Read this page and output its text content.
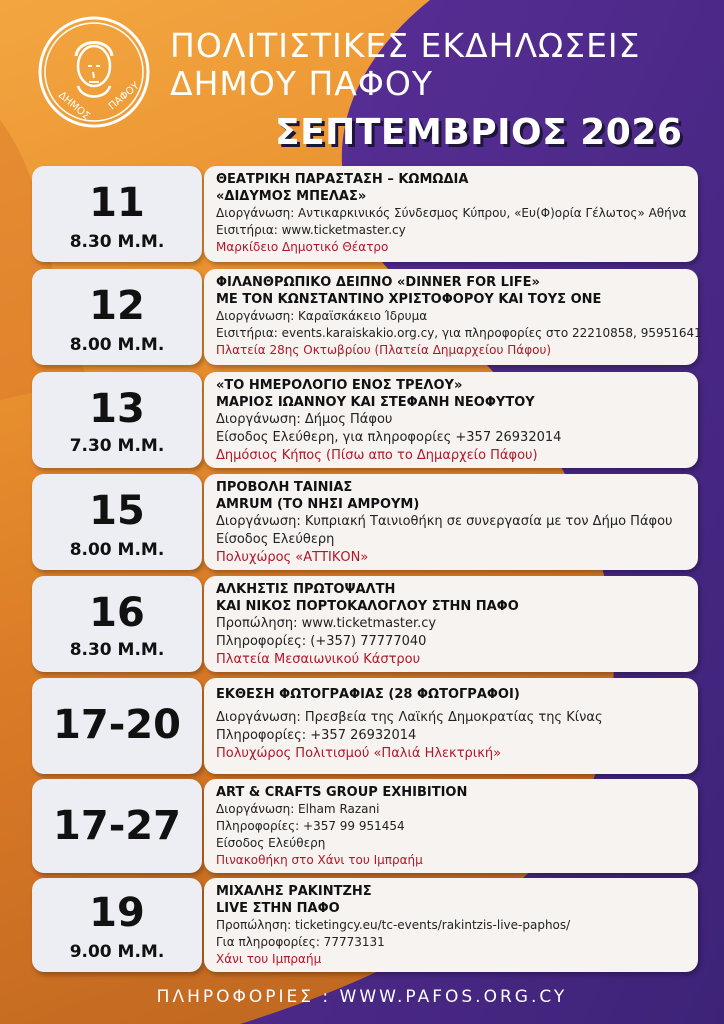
ΔΗΜΟΣ ΠΑΦΟΥ
ΠΟΛΙΤΙΣΤΙΚΕΣ ΕΚΔΗΛΩΣΕΙΣ
ΔΗΜΟΥ ΠΑΦΟΥ
ΣΕΠΤΕΜΒΡΙΟΣ 2026
11
8.30 Μ.Μ.
ΘΕΑΤΡΙΚΗ ΠΑΡΑΣΤΑΣΗ – ΚΩΜΩΔΙΑ
«ΔΙΔΥΜΟΣ ΜΠΕΛΑΣ»
Διοργάνωση: Αντικαρκινικός Σύνδεσμος Κύπρου, «Ευ(Φ)ορία Γέλωτος» Αθήνα
Εισιτήρια: www.ticketmaster.cy
Μαρκίδειο Δημοτικό Θέατρο
12
8.00 Μ.Μ.
ΦΙΛΑΝΘΡΩΠΙΚΟ ΔΕΙΠΝΟ «DINNER FOR LIFE»
ΜΕ ΤΟΝ ΚΩΝΣΤΑΝΤΙΝΟ ΧΡΙΣΤΟΦΟΡΟΥ ΚΑΙ ΤΟΥΣ ONE
Διοργάνωση: Καραϊσκάκειο Ίδρυμα
Εισιτήρια: events.karaiskakio.org.cy, για πληροφορίες στο 22210858, 95951641
Πλατεία 28ης Οκτωβρίου (Πλατεία Δημαρχείου Πάφου)
13
7.30 Μ.Μ.
«ΤΟ ΗΜΕΡΟΛΟΓΙΟ ΕΝΟΣ ΤΡΕΛΟΥ»
ΜΑΡΙΟΣ ΙΩΑΝΝΟΥ ΚΑΙ ΣΤΕΦΑΝΗ ΝΕΟΦΥΤΟΥ
Διοργάνωση: Δήμος Πάφου
Είσοδος Ελεύθερη, για πληροφορίες +357 26932014
Δημόσιος Κήπος (Πίσω απο το Δημαρχείο Πάφου)
15
8.00 Μ.Μ.
ΠΡΟΒΟΛΗ ΤΑΙΝΙΑΣ
AMRUM (ΤΟ ΝΗΣΙ ΑΜΡΟΥΜ)
Διοργάνωση: Κυπριακή Ταινιοθήκη σε συνεργασία με τον Δήμο Πάφου
Είσοδος Ελεύθερη
Πολυχώρος «ΑΤΤΙΚΟΝ»
16
8.30 Μ.Μ.
ΑΛΚΗΣΤΙΣ ΠΡΩΤΟΨΑΛΤΗ
ΚΑΙ ΝΙΚΟΣ ΠΟΡΤΟΚΑΛΟΓΛΟΥ ΣΤΗΝ ΠΑΦΟ
Προπώληση: www.ticketmaster.cy
Πληροφορίες: (+357) 77777040
Πλατεία Μεσαιωνικού Κάστρου
17-20
ΕΚΘΕΣΗ ΦΩΤΟΓΡΑΦΙΑΣ (28 ΦΩΤΟΓΡΑΦΟΙ)
Διοργάνωση: Πρεσβεία της Λαϊκής Δημοκρατίας της Κίνας
Πληροφορίες: +357 26932014
Πολυχώρος Πολιτισμού «Παλιά Ηλεκτρική»
17-27
ART & CRAFTS GROUP EXHIBITION
Διοργάνωση: Elham Razani
Πληροφορίες: +357 99 951454
Είσοδος Ελεύθερη
Πινακοθήκη στο Χάνι του Ιμπραήμ
19
9.00 Μ.Μ.
ΜΙΧΑΛΗΣ ΡΑΚΙΝΤΖΗΣ
LIVE ΣΤΗΝ ΠΑΦΟ
Προπώληση: ticketingcy.eu/tc-events/rakintzis-live-paphos/
Για πληροφορίες: 77773131
Χάνι του Ιμπραήμ
ΠΛΗΡΟΦΟΡΙΕΣ : WWW.PAFOS.ORG.CY
